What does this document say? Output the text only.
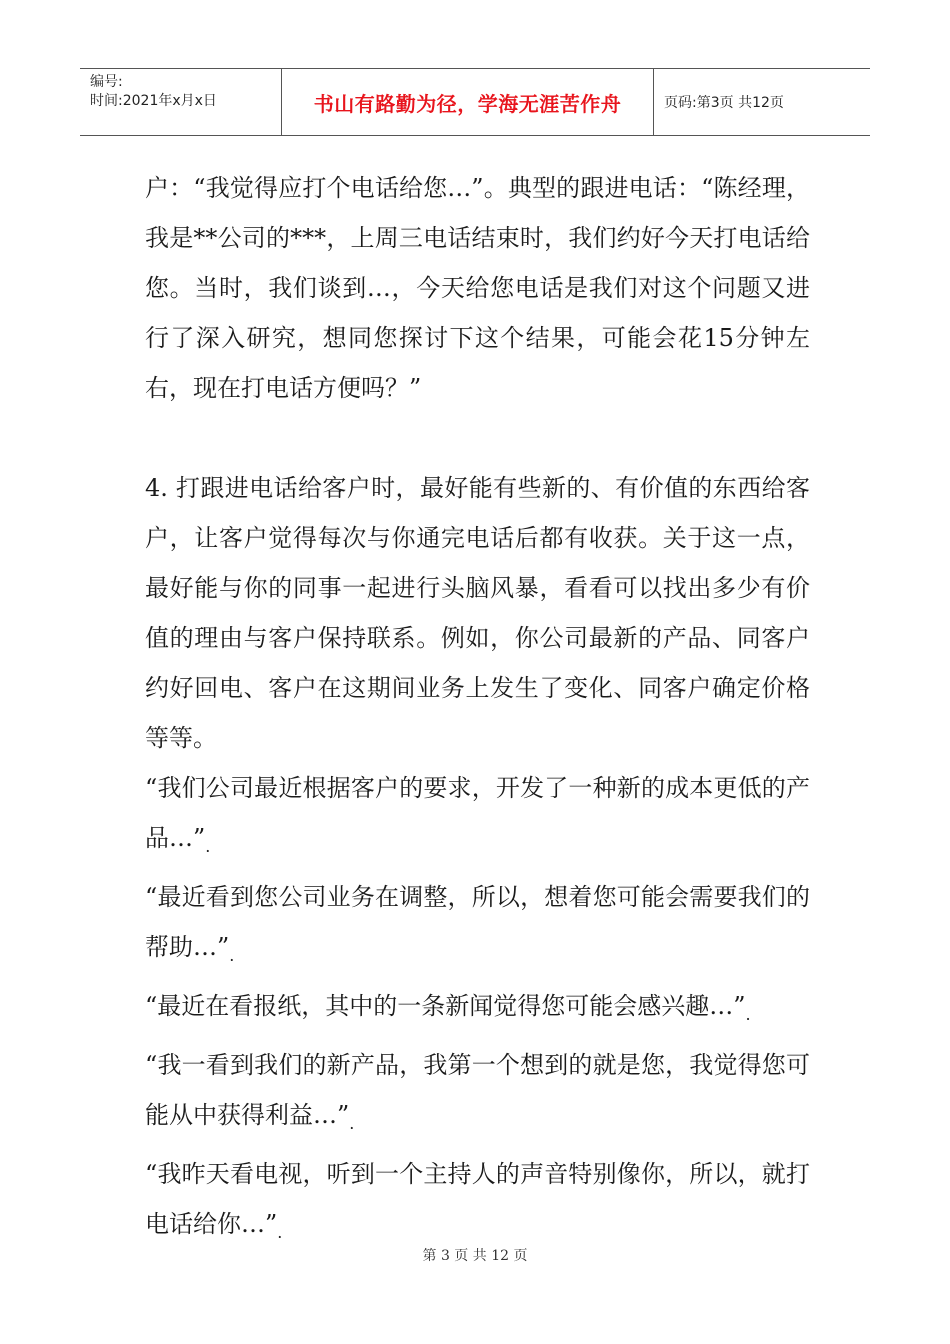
编号:
时间:2021年x月x日	书山有路勤为径，学海无涯苦作舟	页码:第3页 共12页

户：“我觉得应打个电话给您…”。典型的跟进电话：“陈经理，我是**公司的***，上周三电话结束时，我们约好今天打电话给您。当时，我们谈到…，今天给您电话是我们对这个问题又进行了深入研究，想同您探讨下这个结果，可能会花15分钟左右，现在打电话方便吗？”

4. 打跟进电话给客户时，最好能有些新的、有价值的东西给客户，让客户觉得每次与你通完电话后都有收获。关于这一点，最好能与你的同事一起进行头脑风暴，看看可以找出多少有价值的理由与客户保持联系。例如，你公司最新的产品、同客户约好回电、客户在这期间业务上发生了变化、同客户确定价格等等。

“我们公司最近根据客户的要求，开发了一种新的成本更低的产品$\dots”_.$

“最近看到您公司业务在调整，所以，想着您可能会需要我们的帮助$\dots”_.$

“最近在看报纸，其中的一条新闻觉得您可能会感兴趣$\dots”_.$

“我一看到我们的新产品，我第一个想到的就是您，我觉得您可能从中获得利益$\dots”_.$

“我昨天看电视，听到一个主持人的声音特别像你，所以，就打电话给你$\dots”_.$

第 3 页 共 12 页
